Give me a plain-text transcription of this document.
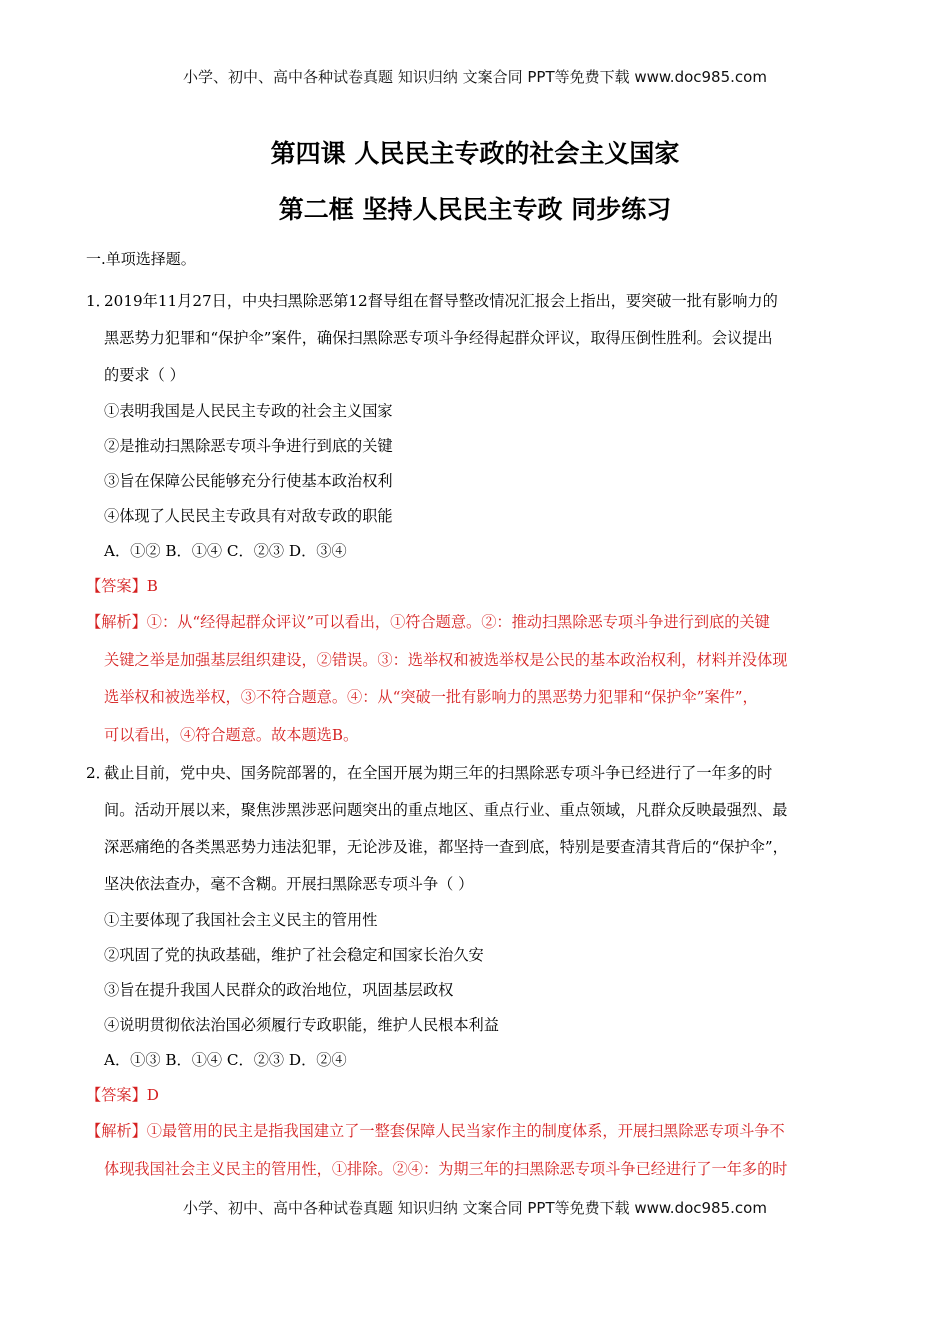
小学、初中、高中各种试卷真题 知识归纳 文案合同 PPT等免费下载 www.doc985.com
第四课 人民民主专政的社会主义国家
第二框 坚持人民民主专政 同步练习
一.单项选择题。
1．2019年11月27日，中央扫黑除恶第12督导组在督导整改情况汇报会上指出，要突破一批有影响力的
黑恶势力犯罪和“保护伞”案件，确保扫黑除恶专项斗争经得起群众评议，取得压倒性胜利。会议提出
的要求（ ）
①表明我国是人民民主专政的社会主义国家
②是推动扫黑除恶专项斗争进行到底的关键
③旨在保障公民能够充分行使基本政治权利
④体现了人民民主专政具有对敌专政的职能
A．①② B．①④ C．②③ D．③④
【答案】B
【解析】①：从“经得起群众评议”可以看出，①符合题意。②：推动扫黑除恶专项斗争进行到底的关键
关键之举是加强基层组织建设，②错误。③：选举权和被选举权是公民的基本政治权利，材料并没体现
选举权和被选举权，③不符合题意。④：从“突破一批有影响力的黑恶势力犯罪和“保护伞”案件”，
可以看出，④符合题意。故本题选B。
2．截止目前，党中央、国务院部署的，在全国开展为期三年的扫黑除恶专项斗争已经进行了一年多的时
间。活动开展以来，聚焦涉黑涉恶问题突出的重点地区、重点行业、重点领域，凡群众反映最强烈、最
深恶痛绝的各类黑恶势力违法犯罪，无论涉及谁，都坚持一查到底，特别是要查清其背后的“保护伞”，
坚决依法查办，毫不含糊。开展扫黑除恶专项斗争（ ）
①主要体现了我国社会主义民主的管用性
②巩固了党的执政基础，维护了社会稳定和国家长治久安
③旨在提升我国人民群众的政治地位，巩固基层政权
④说明贯彻依法治国必须履行专政职能，维护人民根本利益
A．①③ B．①④ C．②③ D．②④
【答案】D
【解析】①最管用的民主是指我国建立了一整套保障人民当家作主的制度体系，开展扫黑除恶专项斗争不
体现我国社会主义民主的管用性，①排除。②④：为期三年的扫黑除恶专项斗争已经进行了一年多的时
小学、初中、高中各种试卷真题 知识归纳 文案合同 PPT等免费下载 www.doc985.com
